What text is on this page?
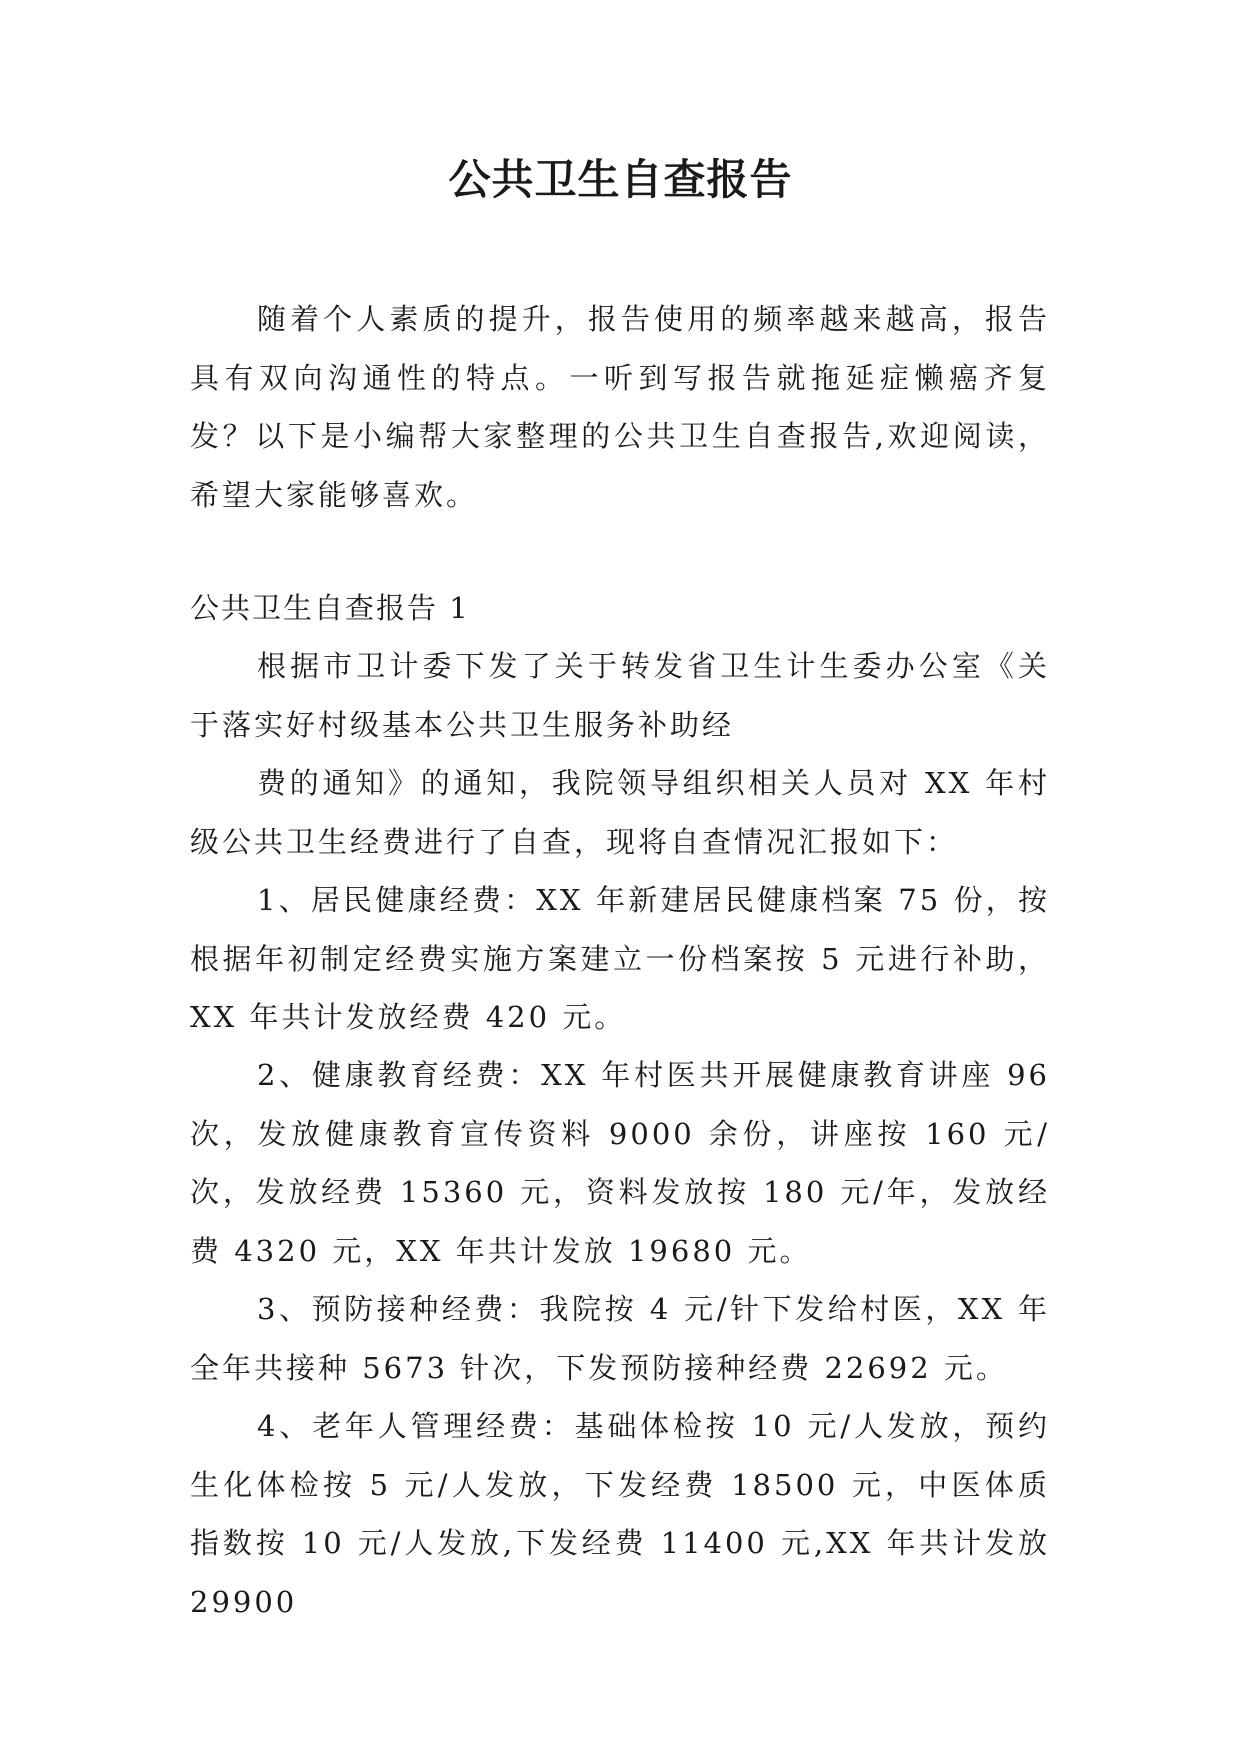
公共卫生自查报告

随着个人素质的提升，报告使用的频率越来越高，报告具有双向沟通性的特点。一听到写报告就拖延症懒癌齐复发？以下是小编帮大家整理的公共卫生自查报告,欢迎阅读，希望大家能够喜欢。

公共卫生自查报告 1

根据市卫计委下发了关于转发省卫生计生委办公室《关于落实好村级基本公共卫生服务补助经

费的通知》的通知，我院领导组织相关人员对 XX 年村级公共卫生经费进行了自查，现将自查情况汇报如下：

1、居民健康经费：XX 年新建居民健康档案 75 份，按根据年初制定经费实施方案建立一份档案按 5 元进行补助，XX 年共计发放经费 420 元。

2、健康教育经费：XX 年村医共开展健康教育讲座 96 次，发放健康教育宣传资料 9000 余份，讲座按 160 元/次，发放经费 15360 元，资料发放按 180 元/年，发放经费 4320 元，XX 年共计发放 19680 元。

3、预防接种经费：我院按 4 元/针下发给村医，XX 年全年共接种 5673 针次，下发预防接种经费 22692 元。

4、老年人管理经费：基础体检按 10 元/人发放，预约生化体检按 5 元/人发放，下发经费 18500 元，中医体质指数按 10 元/人发放,下发经费 11400 元,XX 年共计发放 29900
